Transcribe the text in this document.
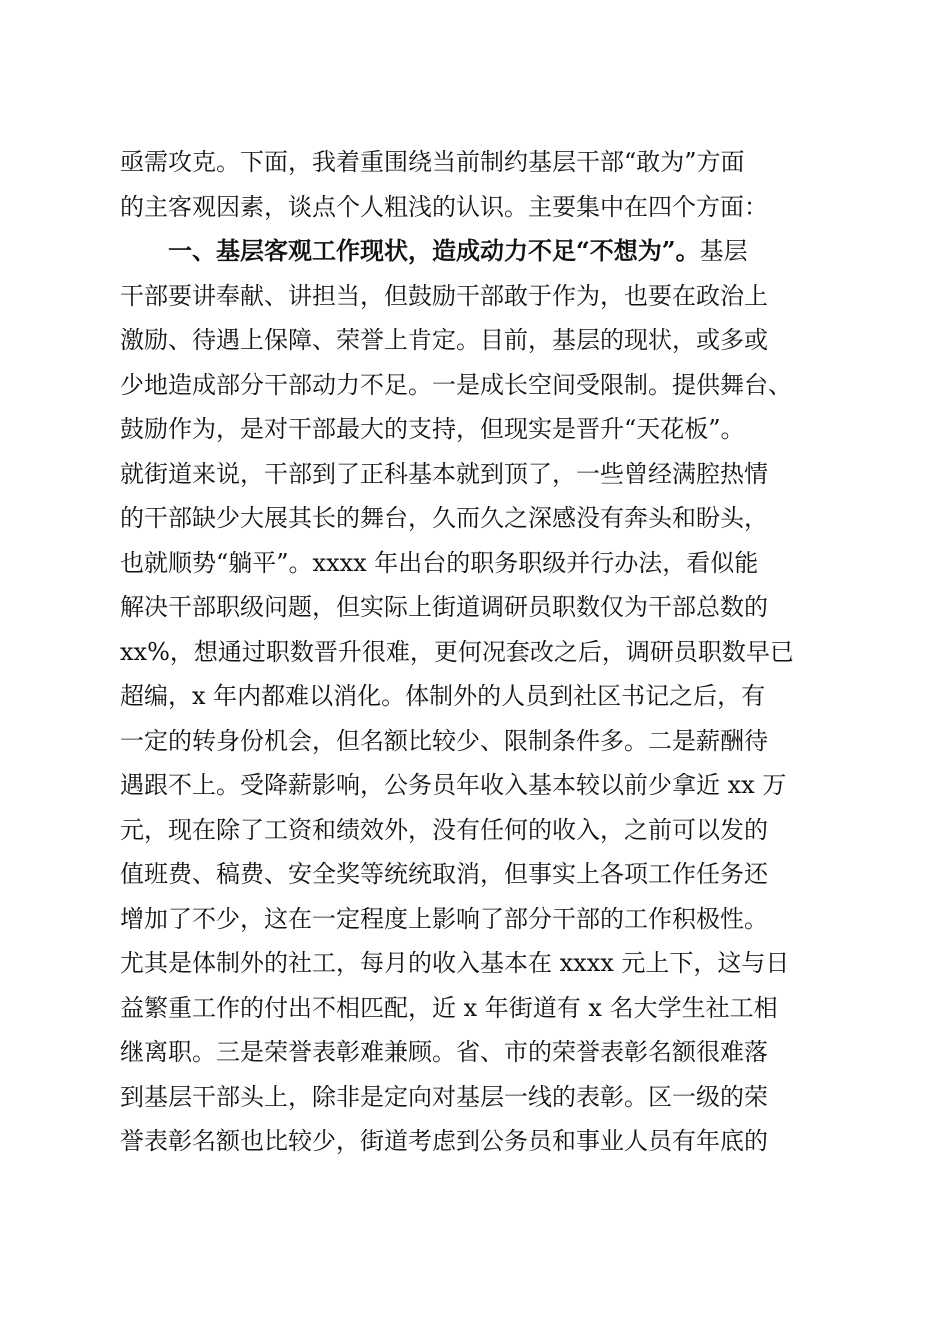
亟需攻克。下面，我着重围绕当前制约基层干部“敢为”方面
的主客观因素，谈点个人粗浅的认识。主要集中在四个方面：
一、基层客观工作现状，造成动力不足“不想为”。基层
干部要讲奉献、讲担当，但鼓励干部敢于作为，也要在政治上
激励、待遇上保障、荣誉上肯定。目前，基层的现状，或多或
少地造成部分干部动力不足。一是成长空间受限制。提供舞台、
鼓励作为，是对干部最大的支持，但现实是晋升“天花板”。
就街道来说，干部到了正科基本就到顶了，一些曾经满腔热情
的干部缺少大展其长的舞台，久而久之深感没有奔头和盼头，
也就顺势“躺平”。xxxx 年出台的职务职级并行办法，看似能
解决干部职级问题，但实际上街道调研员职数仅为干部总数的
xx%，想通过职数晋升很难，更何况套改之后，调研员职数早已
超编，x 年内都难以消化。体制外的人员到社区书记之后，有
一定的转身份机会，但名额比较少、限制条件多。二是薪酬待
遇跟不上。受降薪影响，公务员年收入基本较以前少拿近 xx 万
元，现在除了工资和绩效外，没有任何的收入，之前可以发的
值班费、稿费、安全奖等统统取消，但事实上各项工作任务还
增加了不少，这在一定程度上影响了部分干部的工作积极性。
尤其是体制外的社工，每月的收入基本在 xxxx 元上下，这与日
益繁重工作的付出不相匹配，近 x 年街道有 x 名大学生社工相
继离职。三是荣誉表彰难兼顾。省、市的荣誉表彰名额很难落
到基层干部头上，除非是定向对基层一线的表彰。区一级的荣
誉表彰名额也比较少，街道考虑到公务员和事业人员有年底的
